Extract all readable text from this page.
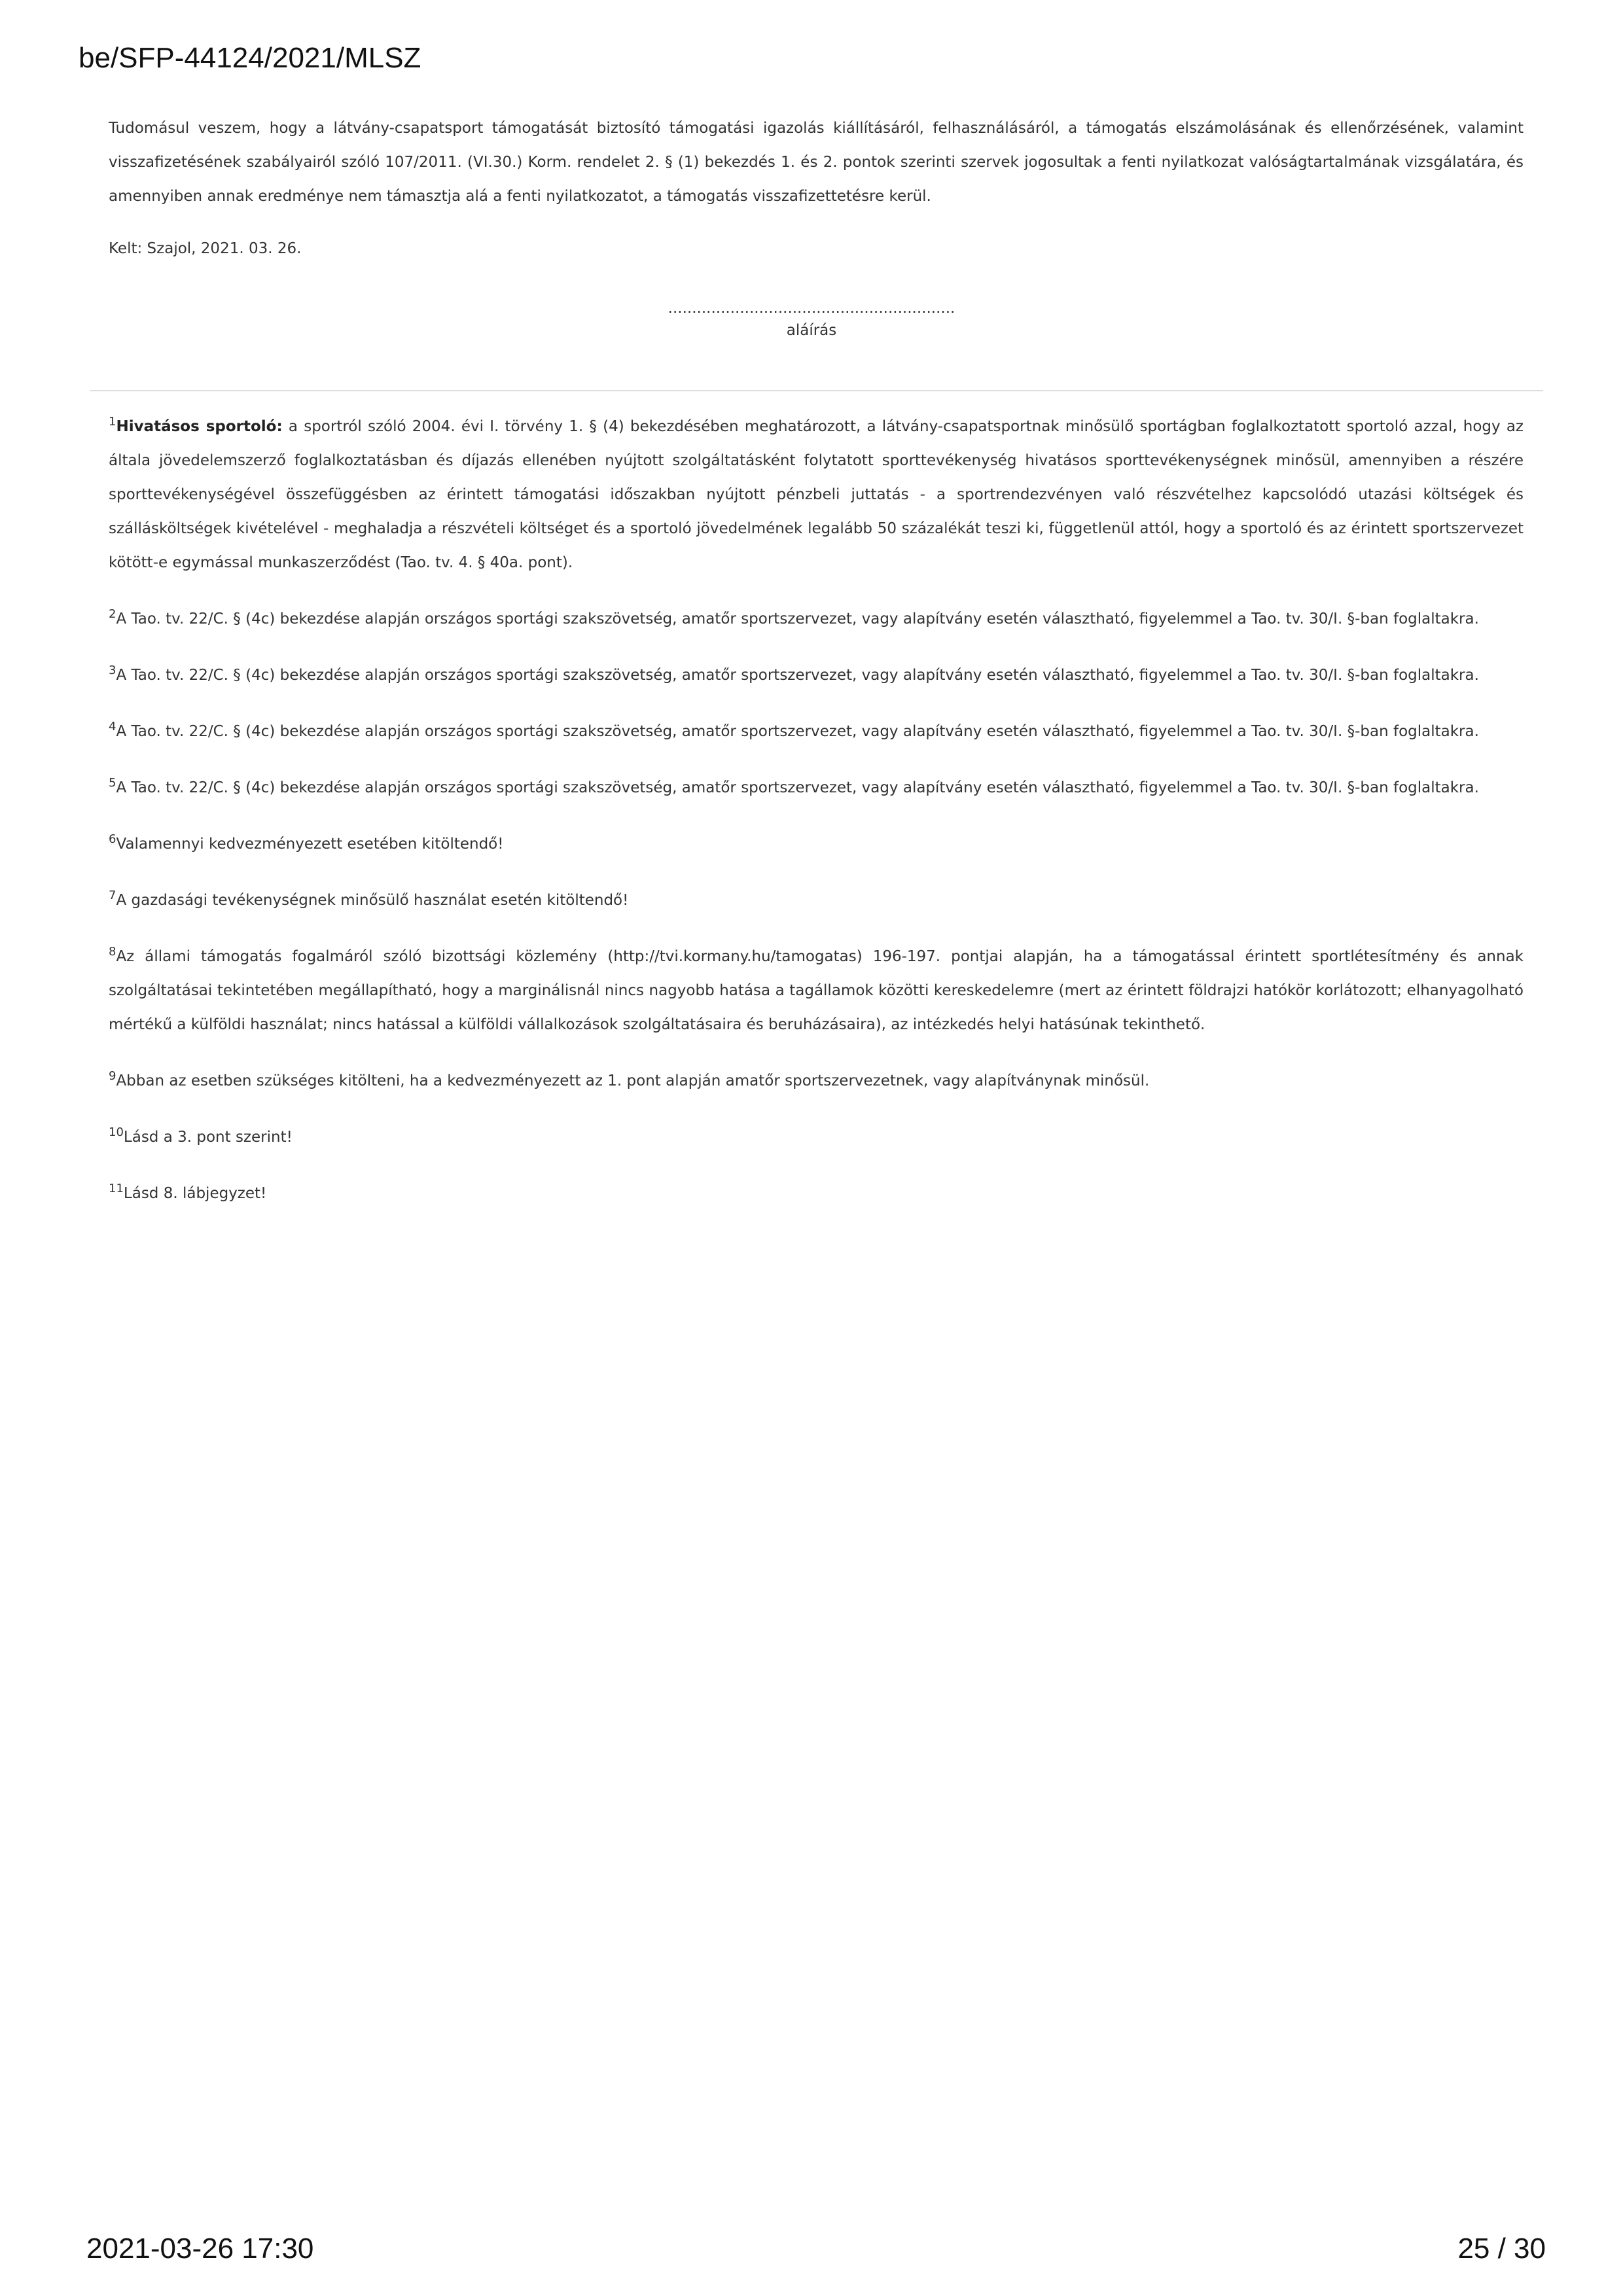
be/SFP-44124/2021/MLSZ

Tudomásul veszem, hogy a látvány-csapatsport támogatását biztosító támogatási igazolás kiállításáról, felhasználásáról, a támogatás elszámolásának és ellenőrzésének, valamint visszafizetésének szabályairól szóló 107/2011. (VI.30.) Korm. rendelet 2. § (1) bekezdés 1. és 2. pontok szerinti szervek jogosultak a fenti nyilatkozat valóságtartalmának vizsgálatára, és amennyiben annak eredménye nem támasztja alá a fenti nyilatkozatot, a támogatás visszafizettetésre kerül.

Kelt: Szajol, 2021. 03. 26.

............................................................
aláírás

$^1$Hivatásos sportoló: a sportról szóló 2004. évi I. törvény 1. § (4) bekezdésében meghatározott, a látvány-csapatsportnak minősülő sportágban foglalkoztatott sportoló azzal, hogy az általa jövedelemszerző foglalkoztatásban és díjazás ellenében nyújtott szolgáltatásként folytatott sporttevékenység hivatásos sporttevékenységnek minősül, amennyiben a részére sporttevékenységével összefüggésben az érintett támogatási időszakban nyújtott pénzbeli juttatás - a sportrendezvényen való részvételhez kapcsolódó utazási költségek és szállásköltségek kivételével - meghaladja a részvételi költséget és a sportoló jövedelmének legalább 50 százalékát teszi ki, függetlenül attól, hogy a sportoló és az érintett sportszervezet kötött-e egymással munkaszerződést (Tao. tv. 4. § 40a. pont).

$^2$A Tao. tv. 22/C. § (4c) bekezdése alapján országos sportági szakszövetség, amatőr sportszervezet, vagy alapítvány esetén választható, figyelemmel a Tao. tv. 30/I. §-ban foglaltakra.

$^3$A Tao. tv. 22/C. § (4c) bekezdése alapján országos sportági szakszövetség, amatőr sportszervezet, vagy alapítvány esetén választható, figyelemmel a Tao. tv. 30/I. §-ban foglaltakra.

$^4$A Tao. tv. 22/C. § (4c) bekezdése alapján országos sportági szakszövetség, amatőr sportszervezet, vagy alapítvány esetén választható, figyelemmel a Tao. tv. 30/I. §-ban foglaltakra.

$^5$A Tao. tv. 22/C. § (4c) bekezdése alapján országos sportági szakszövetség, amatőr sportszervezet, vagy alapítvány esetén választható, figyelemmel a Tao. tv. 30/I. §-ban foglaltakra.

$^6$Valamennyi kedvezményezett esetében kitöltendő!

$^7$A gazdasági tevékenységnek minősülő használat esetén kitöltendő!

$^8$Az állami támogatás fogalmáról szóló bizottsági közlemény (http://tvi.kormany.hu/tamogatas) 196-197. pontjai alapján, ha a támogatással érintett sportlétesítmény és annak szolgáltatásai tekintetében megállapítható, hogy a marginálisnál nincs nagyobb hatása a tagállamok közötti kereskedelemre (mert az érintett földrajzi hatókör korlátozott; elhanyagolható mértékű a külföldi használat; nincs hatással a külföldi vállalkozások szolgáltatásaira és beruházásaira), az intézkedés helyi hatásúnak tekinthető.

$^9$Abban az esetben szükséges kitölteni, ha a kedvezményezett az 1. pont alapján amatőr sportszervezetnek, vagy alapítványnak minősül.

$^{10}$Lásd a 3. pont szerint!

$^{11}$Lásd 8. lábjegyzet!

2021-03-26 17:30	25 / 30
